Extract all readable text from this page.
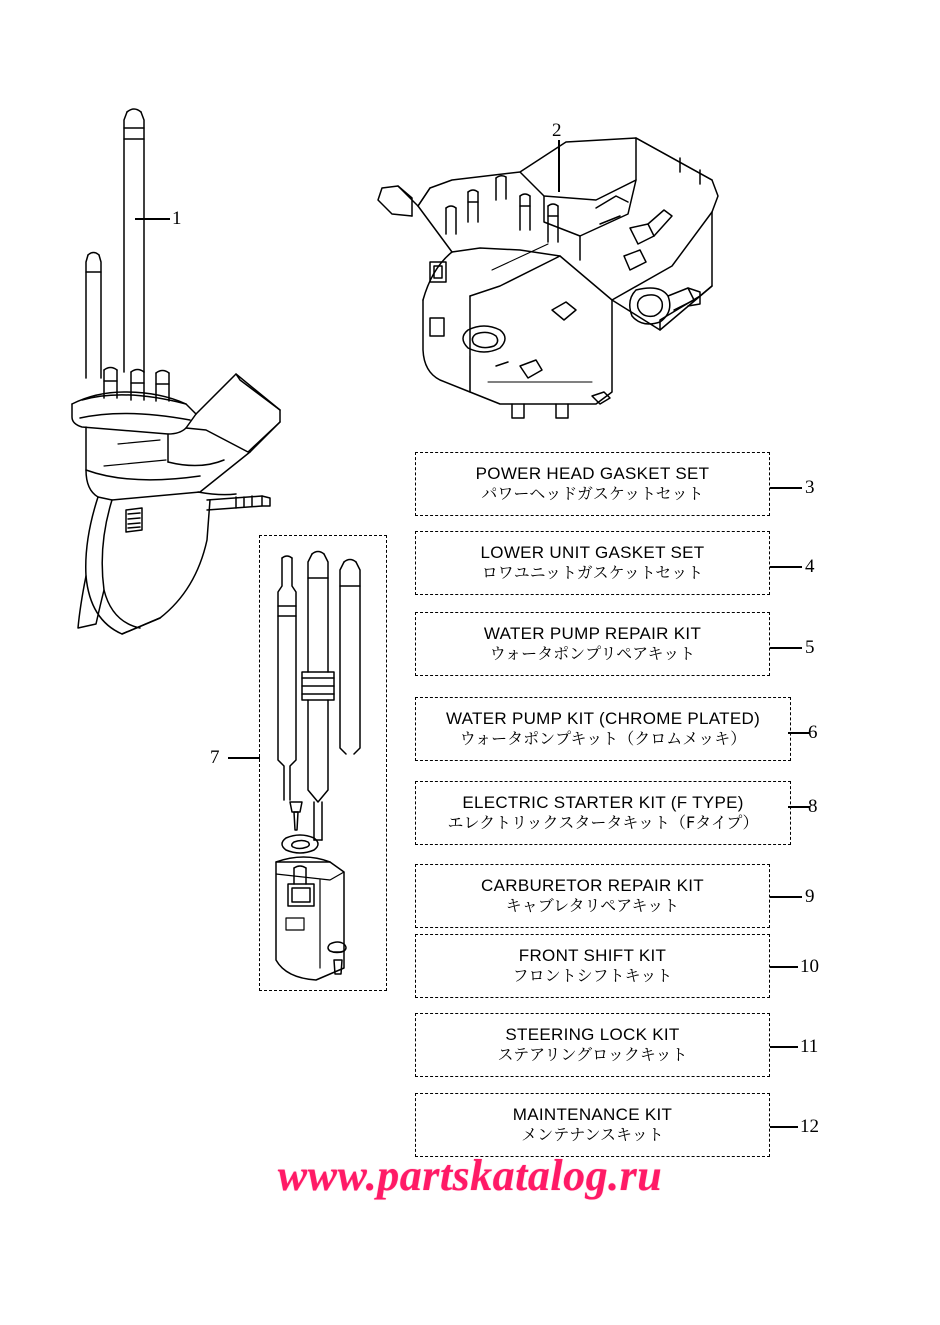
1
2
7
POWER HEAD GASKET SET
パワーヘッドガスケットセット	3
LOWER UNIT GASKET SET
ロワユニットガスケットセット	4
WATER PUMP REPAIR KIT
ウォータポンプリペアキット	5
WATER PUMP KIT (CHROME PLATED)
ウォータポンプキット（クロムメッキ）	6
ELECTRIC STARTER KIT (F TYPE)
エレクトリックスタータキット（Fタイプ）
8
CARBURETOR REPAIR KIT
キャブレタリペアキット	9
FRONT SHIFT KIT
フロントシフトキット	10
STEERING LOCK KIT
ステアリングロックキット	11
MAINTENANCE KIT
メンテナンスキット	12
www.partskatalog.ru
